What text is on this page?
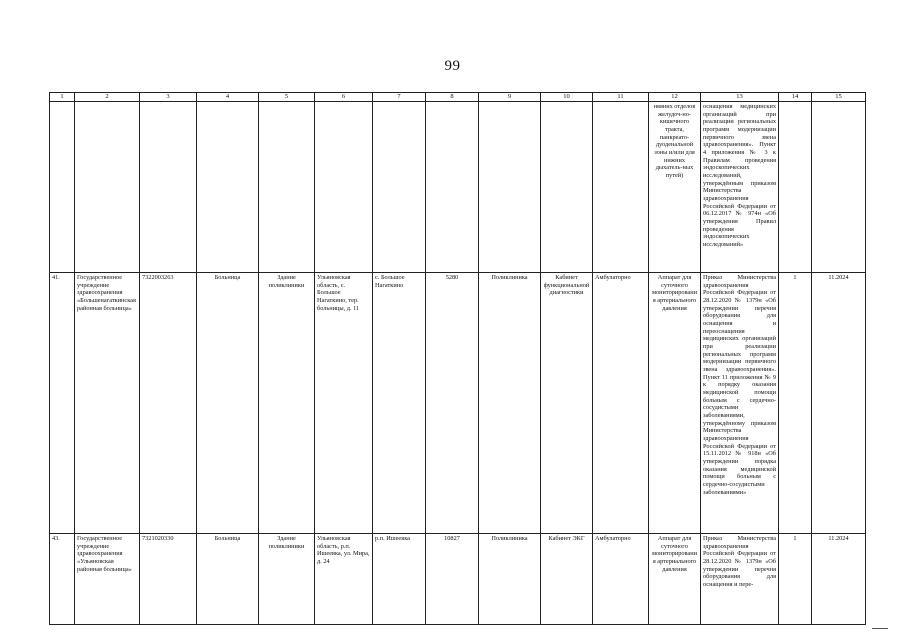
99
1	2	3	4	5	6	7	8	9	10	11	12	13	14	15
											няяних отделов желудоч-но-кишечного тракта, панкреато-дуоденальной зоны и/или для нижних дыхатель-ных путей)	оснащения медицинских организаций при реализации региональных программ модернизации первичного звена здравоохранения». Пункт 4 приложения № 3 к Правилам проведения эндоскопических исследований, утверждённым приказом Министерства здравоохранения Российской Федерации от 06.12.2017 № 974н «Об утверждения Правил проведения эндоскопических исследований»		
41.	Государственное учреждение здравоохранения «Большенагаткинская районная больница»	7322003263	Больница	Здание поликлиники	Ульяновская область, с. Большое Нагаткино, тер. больницы, д. 11	с. Большое Нагаткино	5280	Поликлиника	Кабинет функциональной диагностики	Амбулаторно	Аппарат для суточного мониторирования артериального давления	Приказ Министерства здравоохранения Российской Федерации от 28.12.2020 № 1379н «Об утверждении перечня оборудования для оснащения и переоснащения медицинских организаций при реализации региональных программ модернизации первичного звена здравоохранения». Пункт 11 приложения № 9 к порядку оказания медицинской помощи больным с сердечно-сосудистыми заболеваниями, утверждённому приказом Министерства здравоохранения Российской Федерации от 15.11.2012 № 918н «Об утверждении порядка оказания медицинской помощи больным с сердечно-сосудистыми заболеваниями»	1	11.2024
43.	Государственное учреждение здравоохранения «Ульяновская районная больница»	7321020330	Больница	Здание поликлиники	Ульяновская область, р.п. Ишеевка, ул. Мира, д. 24	р.п. Ишеевка	10827	Поликлиника	Кабинет ЭКГ	Амбулаторно	Аппарат для суточного мониторирования артериального давления	Приказ Министерства здравоохранения Российской Федерации от 28.12.2020 № 1379н «Об утверждении перечня оборудования для оснащения и пере-	1	11.2024
